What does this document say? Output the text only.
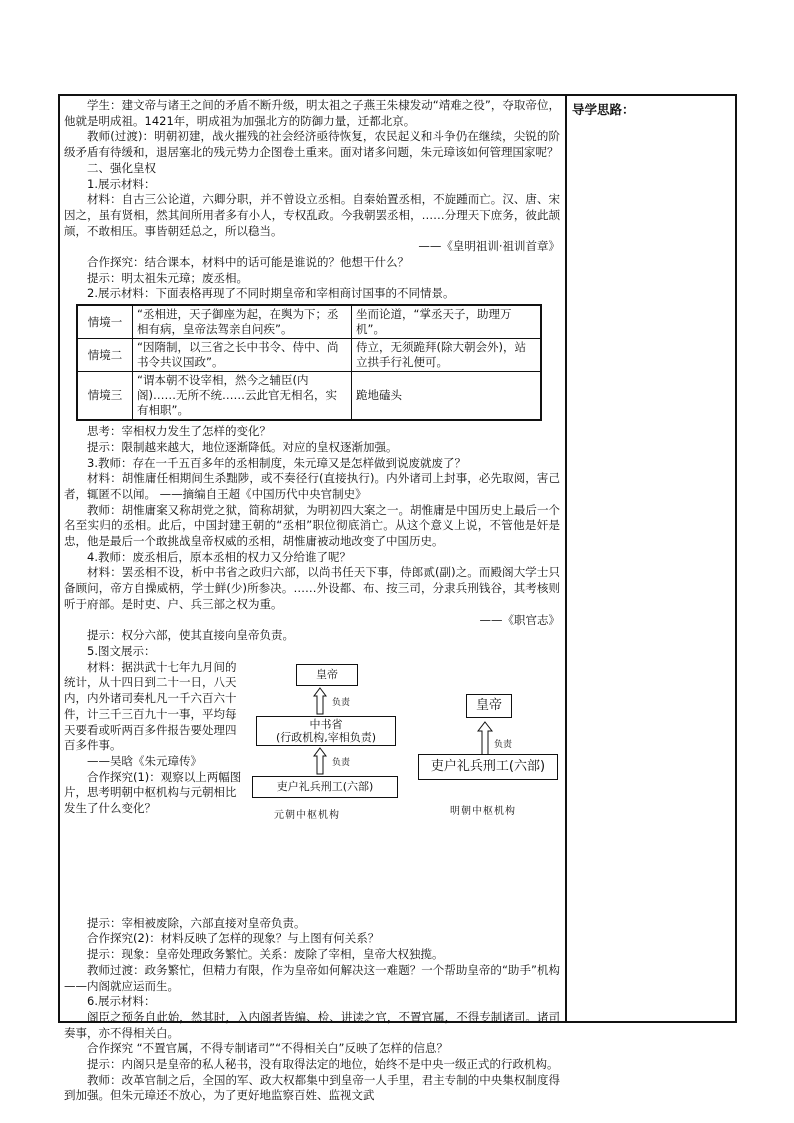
导学思路：

学生：建文帝与诸王之间的矛盾不断升级，明太祖之子燕王朱棣发动“靖难之役”，夺取帝位，他就是明成祖。1421年，明成祖为加强北方的防御力量，迁都北京。

教师(过渡)：明朝初建，战火摧残的社会经济亟待恢复，农民起义和斗争仍在继续，尖锐的阶级矛盾有待缓和，退居塞北的残元势力企图卷土重来。面对诸多问题，朱元璋该如何管理国家呢？

二、强化皇权

1.展示材料：

材料：自古三公论道，六卿分职，并不曾设立丞相。自秦始置丞相，不旋踵而亡。汉、唐、宋因之，虽有贤相，然其间所用者多有小人，专权乱政。今我朝罢丞相，……分理天下庶务，彼此颉颃，不敢相压。事皆朝廷总之，所以稳当。

——《皇明祖训·祖训首章》

合作探究：结合课本，材料中的话可能是谁说的？他想干什么？

提示：明太祖朱元璋；废丞相。

2.展示材料：下面表格再现了不同时期皇帝和宰相商讨国事的不同情景。

情境一	“丞相进，天子御座为起，在舆为下；丞相有病，皇帝法驾亲自问疾”。	坐而论道，“掌丞天子，助理万机”。
情境二	“因隋制，以三省之长中书令、侍中、尚书令共议国政”。	侍立，无须跪拜(除大朝会外)，站立拱手行礼便可。
情境三	“谓本朝不设宰相，然今之辅臣(内阁)……无所不统……云此官无相名，实有相职”。	跪地磕头

思考：宰相权力发生了怎样的变化？

提示：限制越来越大，地位逐渐降低。对应的皇权逐渐加强。

3.教师：存在一千五百多年的丞相制度，朱元璋又是怎样做到说废就废了？

材料：胡惟庸任相期间生杀黜陟，或不奏径行(直接执行)。内外诸司上封事，必先取阅，害己者，辄匿不以闻。 ——摘编自王超《中国历代中央官制史》

教师：胡惟庸案又称胡党之狱，简称胡狱，为明初四大案之一。胡惟庸是中国历史上最后一个名至实归的丞相。此后，中国封建王朝的“丞相”职位彻底消亡。从这个意义上说，不管他是奸是忠，他是最后一个敢挑战皇帝权威的丞相，胡惟庸被动地改变了中国历史。

4.教师：废丞相后，原本丞相的权力又分给谁了呢？

材料：罢丞相不设，析中书省之政归六部，以尚书任天下事，侍郎贰(副)之。而殿阁大学士只备顾问，帝方自操威柄，学士鲜(少)所参决。……外设都、布、按三司，分隶兵刑钱谷，其考核则听于府部。是时吏、户、兵三部之权为重。

——《职官志》

提示：权分六部，使其直接向皇帝负责。

5.图文展示：

材料：据洪武十七年九月间的统计，从十四日到二十一日，八天内，内外诸司奏札凡一千六百六十件，计三千三百九十一事，平均每天要看或听两百多件报告要处理四百多件事。

——吴晗《朱元璋传》

合作探究(1)：观察以上两幅图片，思考明朝中枢机构与元朝相比发生了什么变化？

皇帝
负责
中书省
(行政机构,宰相负责)
负责
吏户礼兵刑工(六部)
元朝中枢机构
皇帝
负责
吏户礼兵刑工(六部)
明朝中枢机构

提示：宰相被废除，六部直接对皇帝负责。

合作探究(2)：材料反映了怎样的现象？与上图有何关系？

提示：现象：皇帝处理政务繁忙。关系：废除了宰相，皇帝大权独揽。

教师过渡：政务繁忙，但精力有限，作为皇帝如何解决这一难题？一个帮助皇帝的“助手”机构——内阁就应运而生。

6.展示材料：

阁臣之预务自此始，然其时，入内阁者皆编、检、讲读之官，不置官属，不得专制诸司。诸司奏事，亦不得相关白。

合作探究 “不置官属，不得专制诸司”“不得相关白”反映了怎样的信息？

提示：内阁只是皇帝的私人秘书，没有取得法定的地位，始终不是中央一级正式的行政机构。

教师：改革官制之后，全国的军、政大权都集中到皇帝一人手里，君主专制的中央集权制度得到加强。但朱元璋还不放心，为了更好地监察百姓、监视文武
